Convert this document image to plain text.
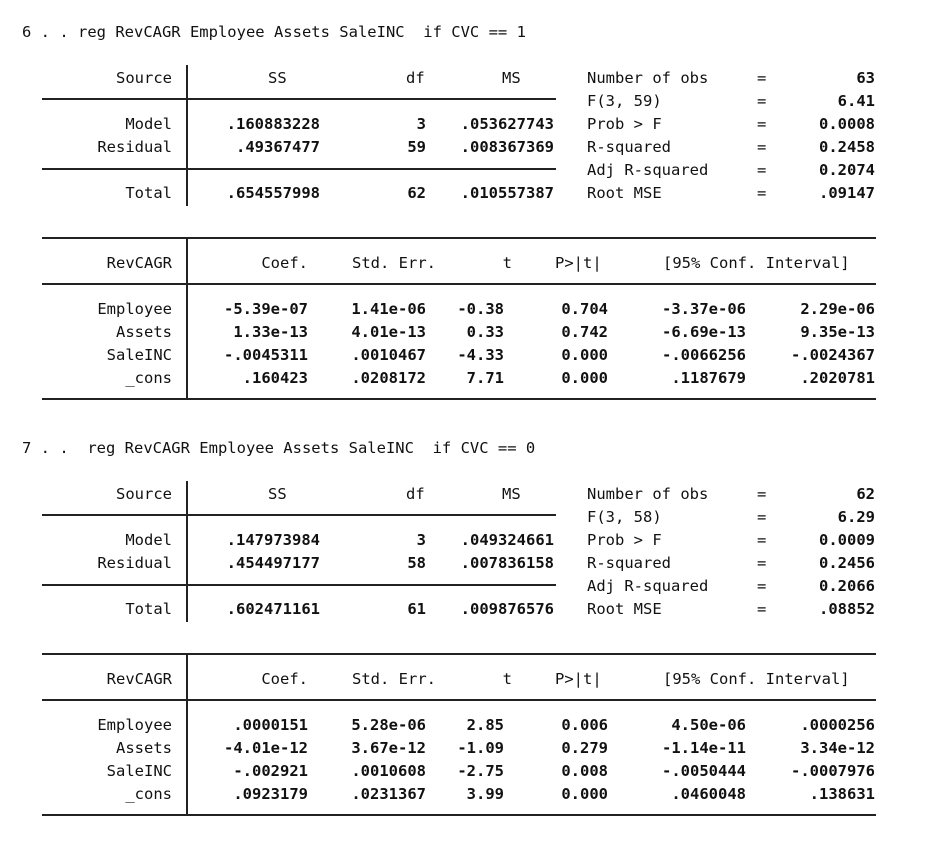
6 . . reg RevCAGR Employee Assets SaleINC  if CVC == 1
Source	SS	df	MS
Model	.160883228	3	.053627743
Residual	.49367477	59	.008367369
Total	.654557998	62	.010557387
Number of obs	=	63
F(3, 59)	=	6.41
Prob > F	=	0.0008
R-squared	=	0.2458
Adj R-squared	=	0.2074
Root MSE	=	.09147
RevCAGR	Coef.	Std. Err.	t	P>|t|	[95% Conf. Interval]
Employee	-5.39e-07	1.41e-06	-0.38	0.704	-3.37e-06	2.29e-06
Assets	1.33e-13	4.01e-13	0.33	0.742	-6.69e-13	9.35e-13
SaleINC	-.0045311	.0010467	-4.33	0.000	-.0066256	-.0024367
_cons	.160423	.0208172	7.71	0.000	.1187679	.2020781
7 . .  reg RevCAGR Employee Assets SaleINC  if CVC == 0
Source	SS	df	MS
Model	.147973984	3	.049324661
Residual	.454497177	58	.007836158
Total	.602471161	61	.009876576
Number of obs	=	62
F(3, 58)	=	6.29
Prob > F	=	0.0009
R-squared	=	0.2456
Adj R-squared	=	0.2066
Root MSE	=	.08852
RevCAGR	Coef.	Std. Err.	t	P>|t|	[95% Conf. Interval]
Employee	.0000151	5.28e-06	2.85	0.006	4.50e-06	.0000256
Assets	-4.01e-12	3.67e-12	-1.09	0.279	-1.14e-11	3.34e-12
SaleINC	-.002921	.0010608	-2.75	0.008	-.0050444	-.0007976
_cons	.0923179	.0231367	3.99	0.000	.0460048	.138631
